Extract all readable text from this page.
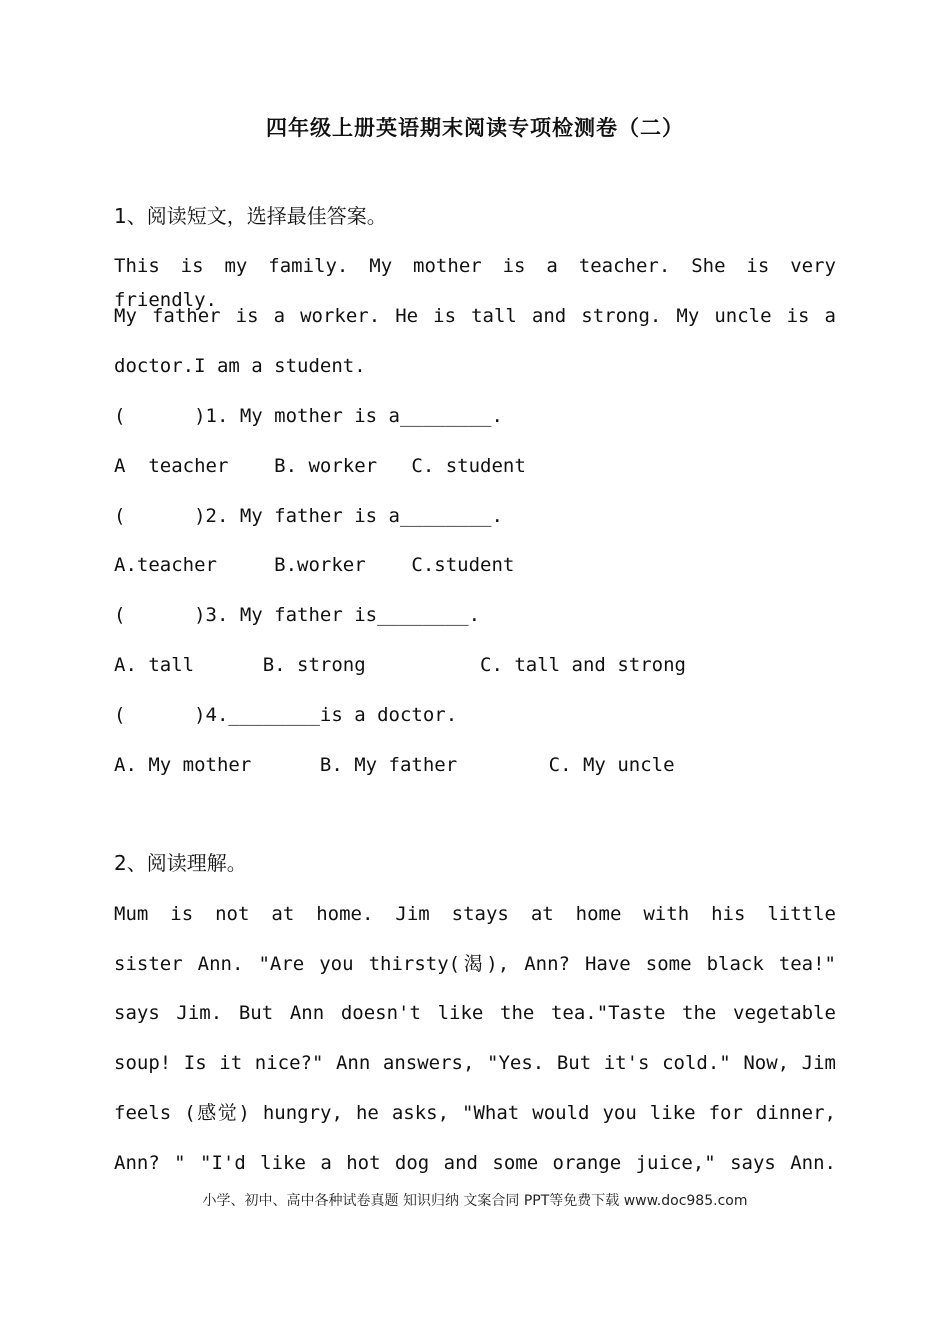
四年级上册英语期末阅读专项检测卷（二）
1、阅读短文，选择最佳答案。
This is my family. My mother is a teacher. She is very friendly.
My father is a worker. He is tall and strong. My uncle is a
doctor.I am a student.
(      )1. My mother is a________.
A  teacher    B. worker   C. student
(      )2. My father is a________.
A.teacher     B.worker    C.student
(      )3. My father is________.
A. tall      B. strong          C. tall and strong
(      )4.________is a doctor.
A. My mother      B. My father        C. My uncle
2、阅读理解。
Mum is not at home. Jim stays at home with his little
sister Ann. "Are you thirsty(渴), Ann? Have some black tea!"
says Jim. But Ann doesn't like the tea."Taste the vegetable
soup! Is it nice?" Ann answers, "Yes. But it's cold." Now, Jim
feels (感觉) hungry, he asks, "What would you like for dinner,
Ann? " "I'd like a hot dog and some orange juice," says Ann.
小学、初中、高中各种试卷真题 知识归纳 文案合同 PPT等免费下载 www.doc985.com
